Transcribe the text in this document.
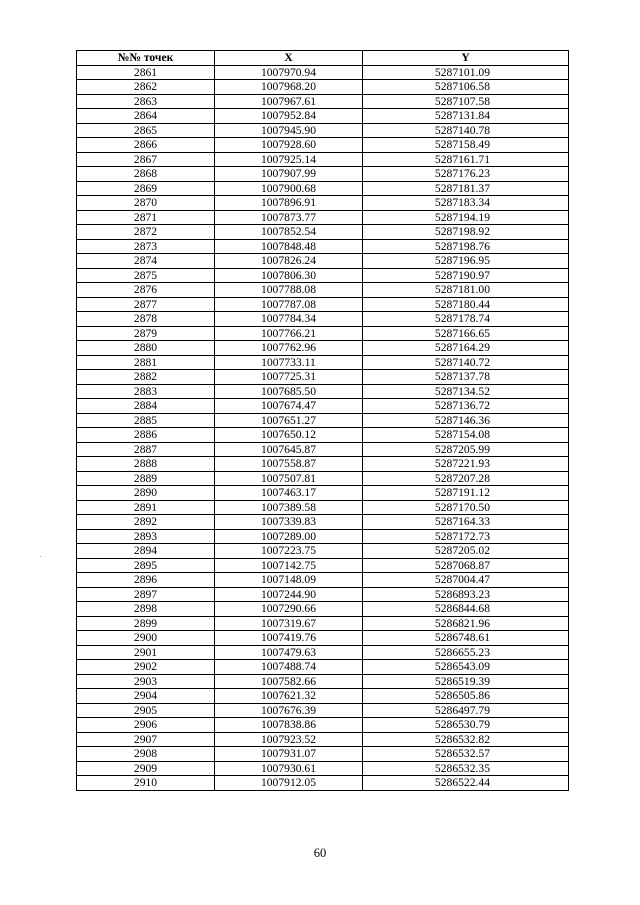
№№ точек	X	Y
2861	1007970.94	5287101.09
2862	1007968.20	5287106.58
2863	1007967.61	5287107.58
2864	1007952.84	5287131.84
2865	1007945.90	5287140.78
2866	1007928.60	5287158.49
2867	1007925.14	5287161.71
2868	1007907.99	5287176.23
2869	1007900.68	5287181.37
2870	1007896.91	5287183.34
2871	1007873.77	5287194.19
2872	1007852.54	5287198.92
2873	1007848.48	5287198.76
2874	1007826.24	5287196.95
2875	1007806.30	5287190.97
2876	1007788.08	5287181.00
2877	1007787.08	5287180.44
2878	1007784.34	5287178.74
2879	1007766.21	5287166.65
2880	1007762.96	5287164.29
2881	1007733.11	5287140.72
2882	1007725.31	5287137.78
2883	1007685.50	5287134.52
2884	1007674.47	5287136.72
2885	1007651.27	5287146.36
2886	1007650.12	5287154.08
2887	1007645.87	5287205.99
2888	1007558.87	5287221.93
2889	1007507.81	5287207.28
2890	1007463.17	5287191.12
2891	1007389.58	5287170.50
2892	1007339.83	5287164.33
2893	1007289.00	5287172.73
2894	1007223.75	5287205.02
2895	1007142.75	5287068.87
2896	1007148.09	5287004.47
2897	1007244.90	5286893.23
2898	1007290.66	5286844.68
2899	1007319.67	5286821.96
2900	1007419.76	5286748.61
2901	1007479.63	5286655.23
2902	1007488.74	5286543.09
2903	1007582.66	5286519.39
2904	1007621.32	5286505.86
2905	1007676.39	5286497.79
2906	1007838.86	5286530.79
2907	1007923.52	5286532.82
2908	1007931.07	5286532.57
2909	1007930.61	5286532.35
2910	1007912.05	5286522.44
60
